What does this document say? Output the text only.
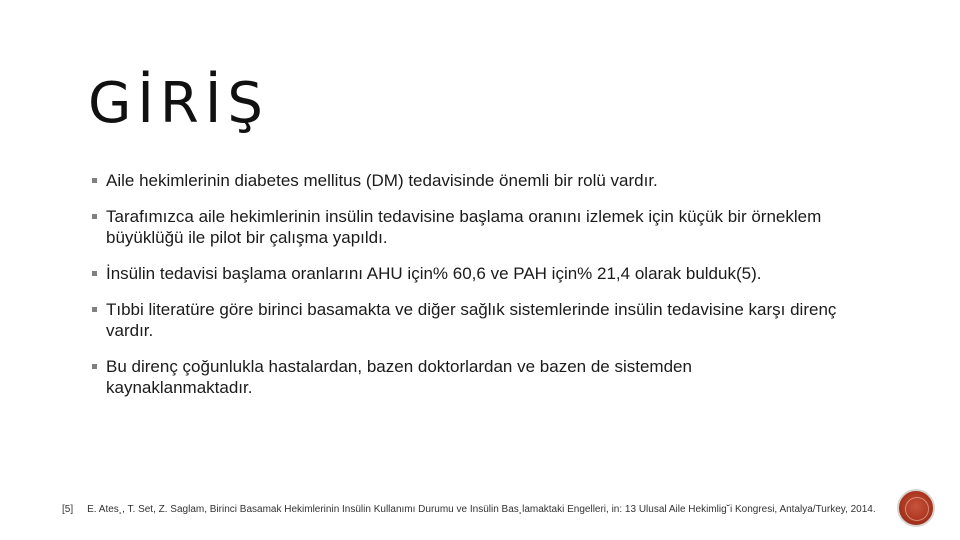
GİRİŞ
Aile hekimlerinin diabetes mellitus (DM) tedavisinde önemli bir rolü vardır.
Tarafımızca aile hekimlerinin insülin tedavisine başlama oranını izlemek için küçük bir örneklem büyüklüğü ile pilot bir çalışma yapıldı.
İnsülin tedavisi başlama oranlarını AHU için% 60,6 ve PAH için% 21,4 olarak bulduk(5).
Tıbbi literatüre göre birinci basamakta ve diğer sağlık sistemlerinde insülin tedavisine karşı direnç vardır.
Bu direnç çoğunlukla hastalardan, bazen doktorlardan ve bazen de sistemden kaynaklanmaktadır.
[5] E. Ates¸, T. Set, Z. Saglam, Birinci Basamak Hekimlerinin Insülin Kullanımı Durumu ve Insülin Bas¸lamaktaki Engelleri, in: 13 Ulusal Aile Hekimlig˘i Kongresi, Antalya/Turkey, 2014.
